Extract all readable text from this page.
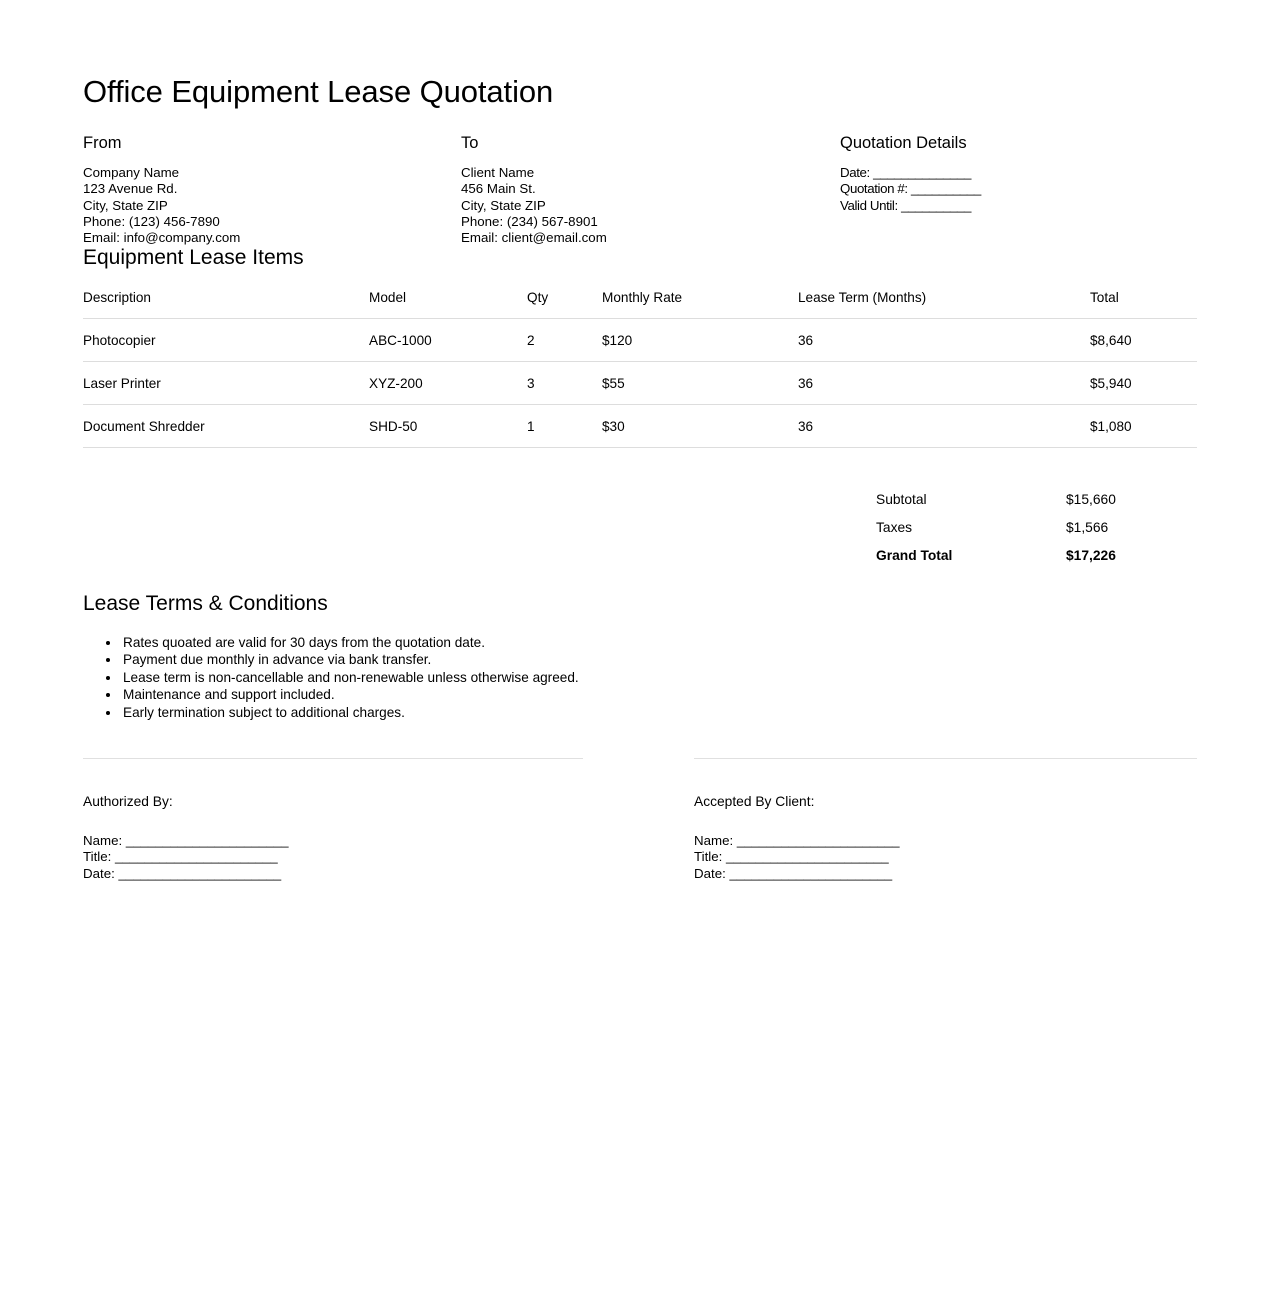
Office Equipment Lease Quotation
From
Company Name
123 Avenue Rd.
City, State ZIP
Phone: (123) 456-7890
Email: info@company.com
To
Client Name
456 Main St.
City, State ZIP
Phone: (234) 567-8901
Email: client@email.com
Quotation Details
Date: ______________
Quotation #: __________
Valid Until: __________
Equipment Lease Items
Description	Model	Qty	Monthly Rate	Lease Term (Months)	Total
Photocopier	ABC-1000	2	$120	36	$8,640
Laser Printer	XYZ-200	3	$55	36	$5,940
Document Shredder	SHD-50	1	$30	36	$1,080
Subtotal	$15,660
Taxes	$1,566
Grand Total	$17,226
Lease Terms & Conditions
• Rates quoated are valid for 30 days from the quotation date.
• Payment due monthly in advance via bank transfer.
• Lease term is non-cancellable and non-renewable unless otherwise agreed.
• Maintenance and support included.
• Early termination subject to additional charges.
Authorized By:
Name: ______________________
Title: ______________________
Date: ______________________
Accepted By Client:
Name: ______________________
Title: ______________________
Date: ______________________
